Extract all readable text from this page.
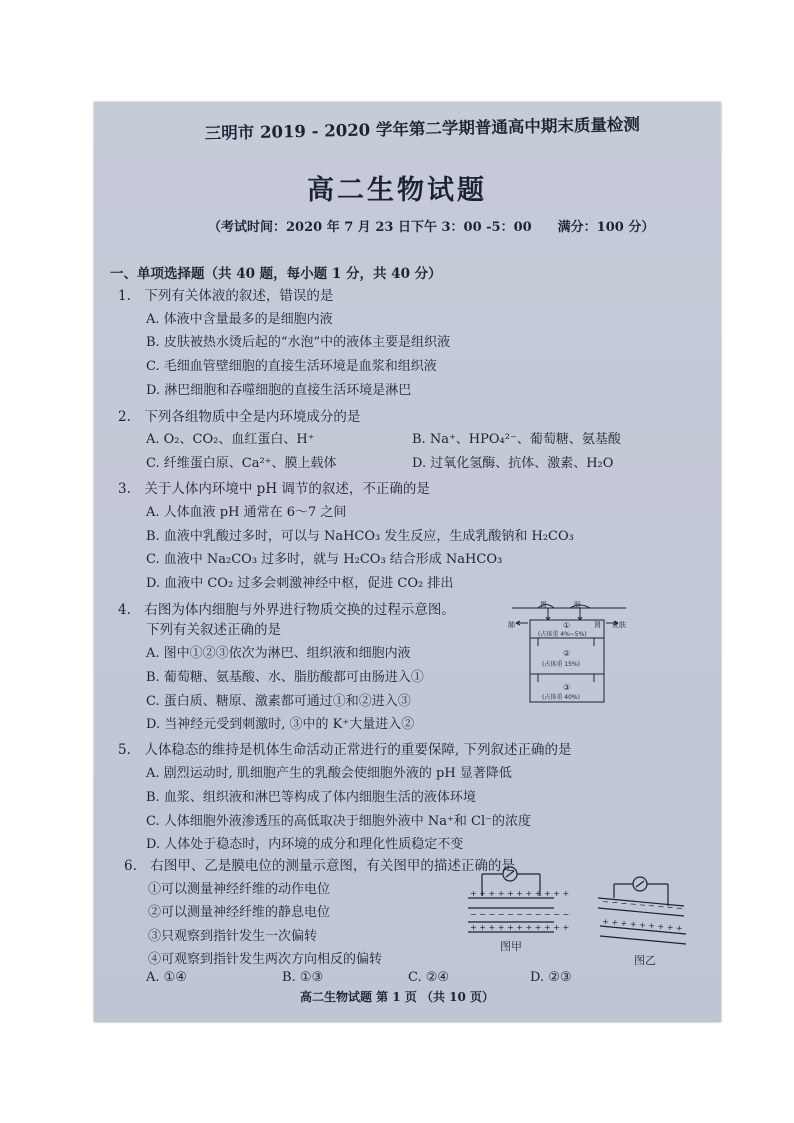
三明市 2019 - 2020 学年第二学期普通高中期末质量检测
高二生物试题
（考试时间：2020 年 7 月 23 日下午 3：00 -5：00　　满分：100 分）
一、单项选择题（共 40 题，每小题 1 分，共 40 分）
1.　下列有关体液的叙述，错误的是
A. 体液中含量最多的是细胞内液
B. 皮肤被热水烫后起的“水泡”中的液体主要是组织液
C. 毛细血管壁细胞的直接生活环境是血浆和组织液
D. 淋巴细胞和吞噬细胞的直接生活环境是淋巴
2.　下列各组物质中全是内环境成分的是
A. O₂、CO₂、血红蛋白、H⁺	B. Na⁺、HPO₄²⁻、葡萄糖、氨基酸
C. 纤维蛋白原、Ca²⁺、膜上载体	D. 过氧化氢酶、抗体、激素、H₂O
3.　关于人体内环境中 pH 调节的叙述，不正确的是
A. 人体血液 pH 通常在 6～7 之间
B. 血液中乳酸过多时，可以与 NaHCO₃ 发生反应，生成乳酸钠和 H₂CO₃
C. 血液中 Na₂CO₃ 过多时，就与 H₂CO₃ 结合形成 NaHCO₃
D. 血液中 CO₂ 过多会刺激神经中枢，促进 CO₂ 排出
4.　右图为体内细胞与外界进行物质交换的过程示意图。
下列有关叙述正确的是
A. 图中①②③依次为淋巴、组织液和细胞内液
B. 葡萄糖、氨基酸、水、脂肪酸都可由肠进入①
C. 蛋白质、糖原、激素都可通过①和②进入③
D. 当神经元受到刺激时, ③中的 K⁺大量进入②
胃	肠
肺	肾 皮肤
①
(占体重 4%~5%)
②
(占体重 15%)
③
(占体重 40%)
5.　人体稳态的维持是机体生命活动正常进行的重要保障, 下列叙述正确的是
A. 剧烈运动时, 肌细胞产生的乳酸会使细胞外液的 pH 显著降低
B. 血浆、组织液和淋巴等构成了体内细胞生活的液体环境
C. 人体细胞外液渗透压的高低取决于细胞外液中 Na⁺和 Cl⁻的浓度
D. 人体处于稳态时，内环境的成分和理化性质稳定不变
6.　右图甲、乙是膜电位的测量示意图，有关图甲的描述正确的是
①可以测量神经纤维的动作电位
②可以测量神经纤维的静息电位
③只观察到指针发生一次偏转
④可观察到指针发生两次方向相反的偏转
A. ①④	B. ①③	C. ②④	D. ②③
+ + + + + + + + + + +
− − − − − − − − − − −
+ + + + + + + + + + +
− − − − − − − − −
+ + + + + + + + +
图甲
图乙
高二生物试题 第 1 页 （共 10 页）
